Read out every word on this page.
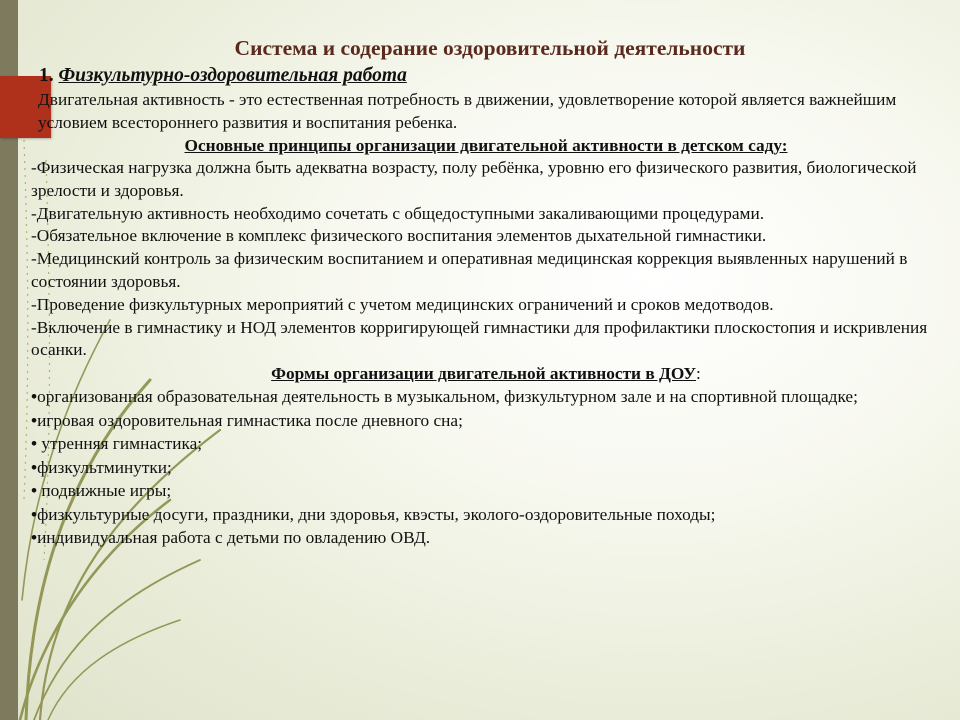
Система и содерание оздоровительной деятельности
1. Физкультурно-оздоровительная работа

Двигательная активность - это естественная потребность в движении, удовлетворение которой является важнейшим условием всестороннего развития и воспитания ребенка.

Основные принципы организации двигательной активности в детском саду:

-Физическая нагрузка должна быть адекватна возрасту, полу ребёнка, уровню его физического развития, биологической зрелости и здоровья.
-Двигательную активность необходимо сочетать с общедоступными закаливающими процедурами.
-Обязательное включение в комплекс физического воспитания элементов дыхательной гимнастики.
-Медицинский контроль за физическим воспитанием и оперативная медицинская коррекция выявленных нарушений в состоянии здоровья.
-Проведение физкультурных мероприятий с учетом медицинских ограничений и сроков медотводов.
-Включение в гимнастику и НОД элементов корригирующей гимнастики для профилактики плоскостопия и искривления осанки.

Формы организации двигательной активности в ДОУ:

•организованная образовательная деятельность в музыкальном, физкультурном зале и на спортивной площадке;
•игровая оздоровительная гимнастика после дневного сна;
• утренняя гимнастика;
•физкультминутки;
• подвижные игры;
•физкультурные досуги, праздники, дни здоровья, квэсты, эколого-оздоровительные походы;
•индивидуальная работа с детьми по овладению ОВД.
